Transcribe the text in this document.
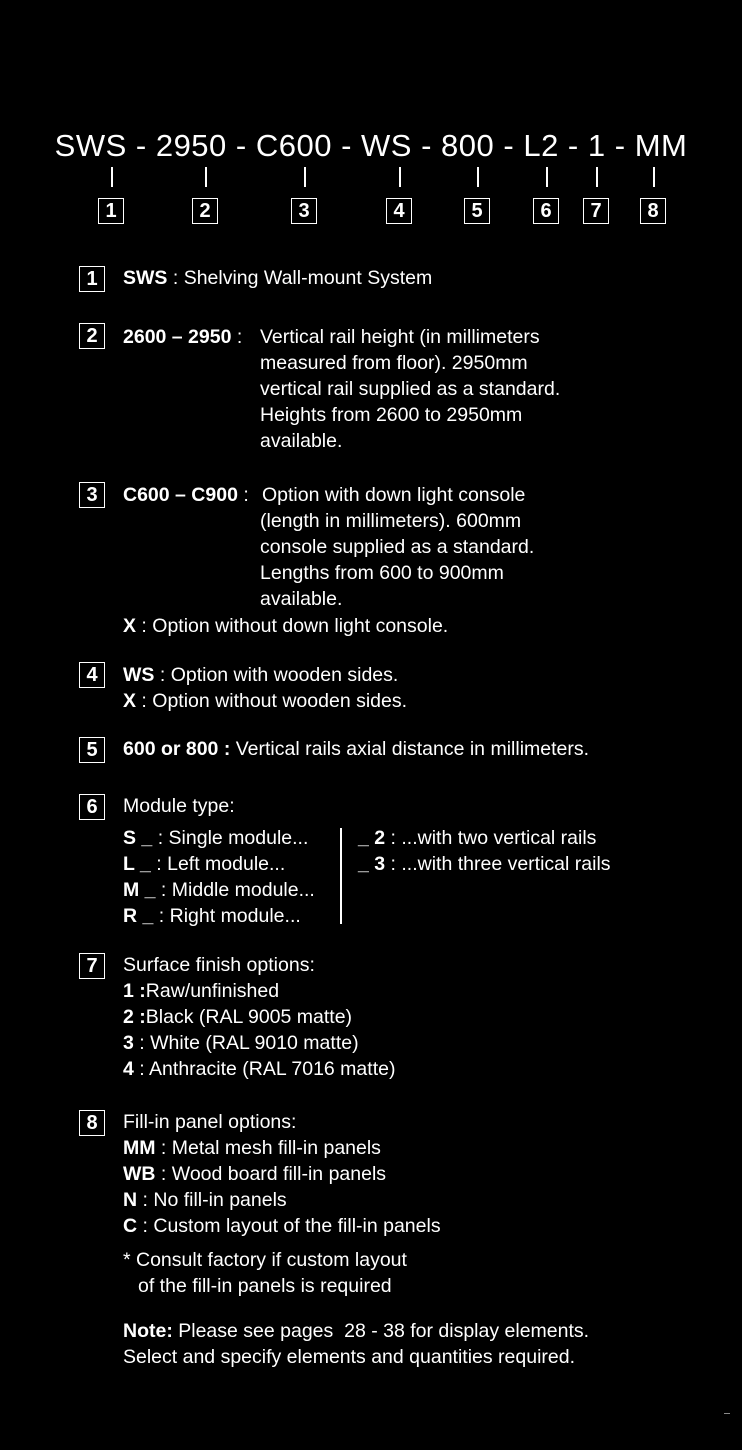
SWS - 2950 - C600 - WS - 800 - L2 - 1 - MM
1	2	3	4	5	6	7	8
1	SWS : Shelving Wall-mount System
2	2600 – 2950 : Vertical rail height (in millimeters
measured from floor). 2950mm
vertical rail supplied as a standard.
Heights from 2600 to 2950mm
available.
3	C600 – C900 : Option with down light console
(length in millimeters). 600mm
console supplied as a standard.
Lengths from 600 to 900mm
available.
X : Option without down light console.
4	WS : Option with wooden sides.
X : Option without wooden sides.
5	600 or 800 : Vertical rails axial distance in millimeters.
6	Module type:
S _ : Single module...
L _ : Left module...
M _ : Middle module...
R _ : Right module...
_ 2 : ...with two vertical rails
_ 3 : ...with three vertical rails
7	Surface finish options:
1 :Raw/unfinished
2 :Black (RAL 9005 matte)
3 : White (RAL 9010 matte)
4 : Anthracite (RAL 7016 matte)
8	Fill-in panel options:
MM : Metal mesh fill-in panels
WB : Wood board fill-in panels
N : No fill-in panels
C : Custom layout of the fill-in panels
* Consult factory if custom layout
of the fill-in panels is required
Note: Please see pages  28 - 38 for display elements.
Select and specify elements and quantities required.
